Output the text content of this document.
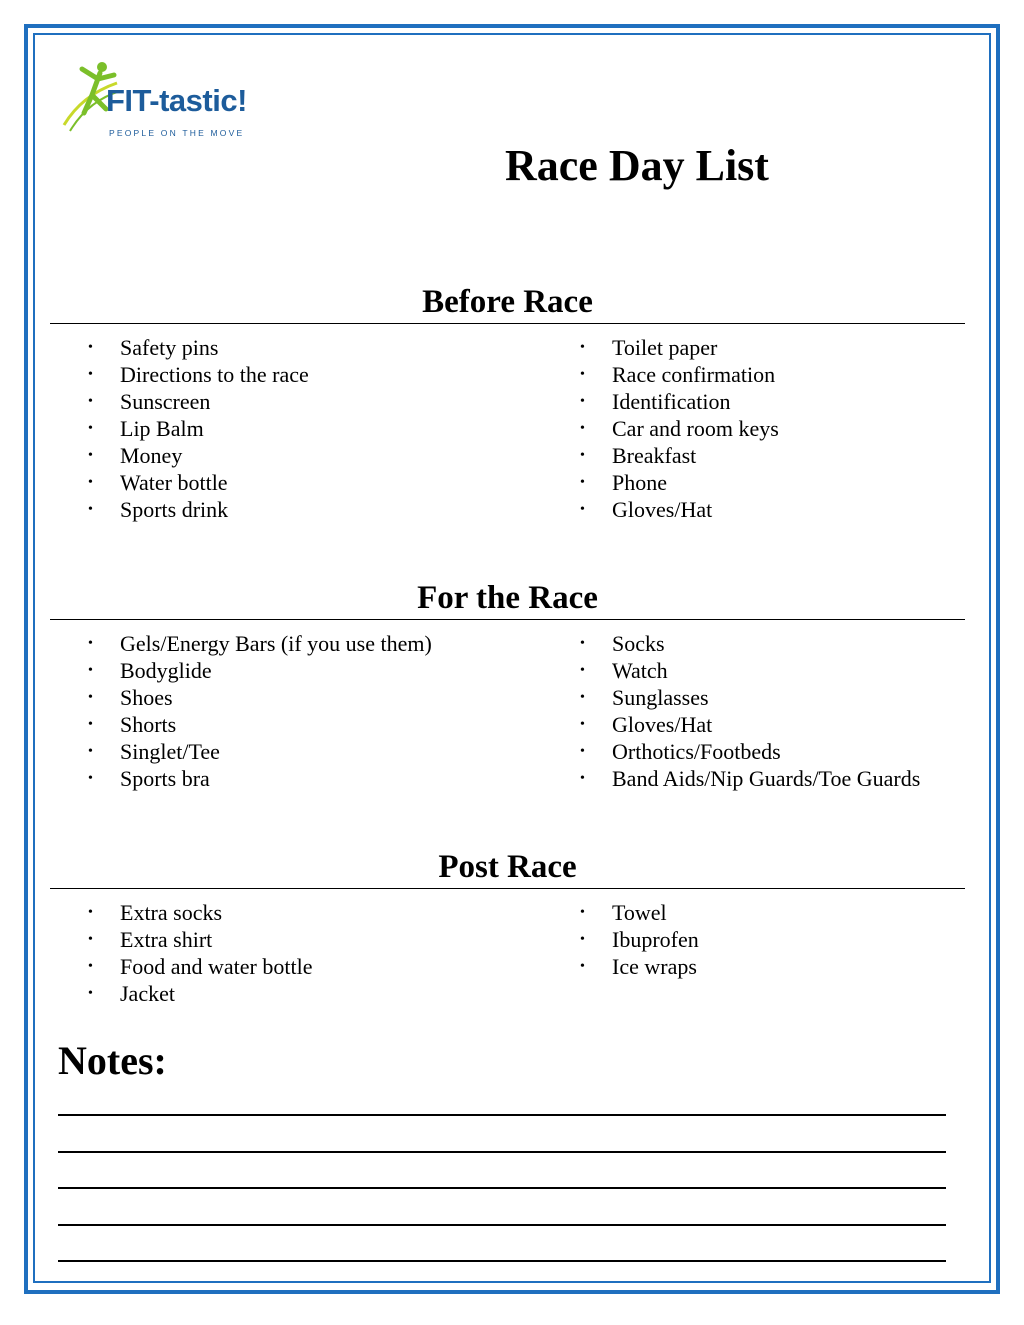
FIT-tastic!
PEOPLE ON THE MOVE
Race Day List
Before Race
• Safety pins
• Directions to the race
• Sunscreen
• Lip Balm
• Money
• Water bottle
• Sports drink
• Toilet paper
• Race confirmation
• Identification
• Car and room keys
• Breakfast
• Phone
• Gloves/Hat
For the Race
• Gels/Energy Bars (if you use them)
• Bodyglide
• Shoes
• Shorts
• Singlet/Tee
• Sports bra
• Socks
• Watch
• Sunglasses
• Gloves/Hat
• Orthotics/Footbeds
• Band Aids/Nip Guards/Toe Guards
Post Race
• Extra socks
• Extra shirt
• Food and water bottle
• Jacket
• Towel
• Ibuprofen
• Ice wraps
Notes:
